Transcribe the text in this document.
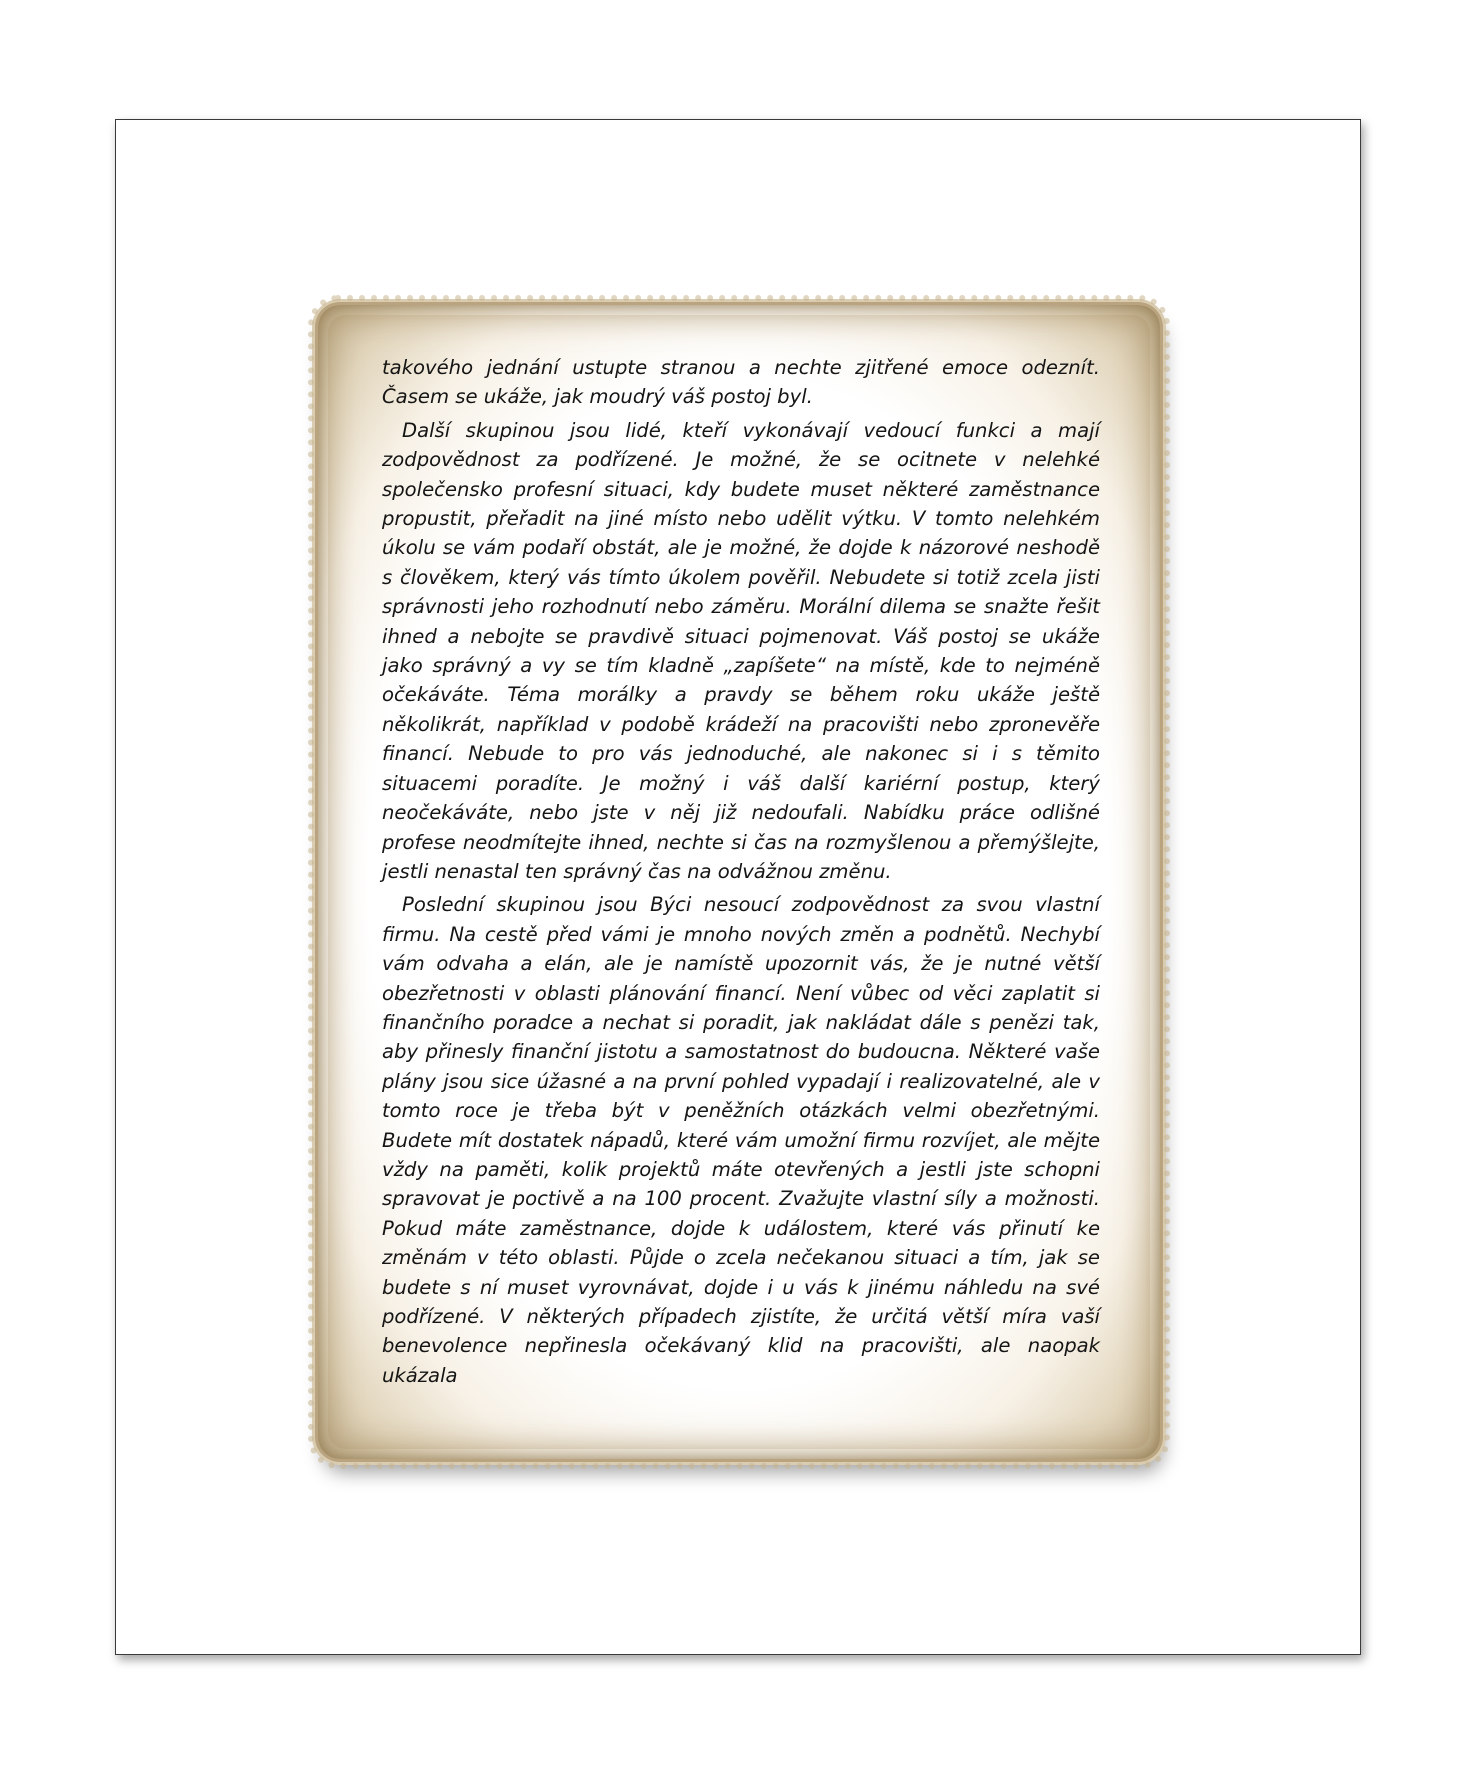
takového jednání ustupte stranou a nechte zjitřené emoce odeznít. Časem se ukáže, jak moudrý váš postoj byl.

Další skupinou jsou lidé, kteří vykonávají vedoucí funkci a mají zodpovědnost za podřízené. Je možné, že se ocitnete v nelehké společensko profesní situaci, kdy budete muset některé zaměstnance propustit, přeřadit na jiné místo nebo udělit výtku. V tomto nelehkém úkolu se vám podaří obstát, ale je možné, že dojde k názorové neshodě s člověkem, který vás tímto úkolem pověřil. Nebudete si totiž zcela jisti správnosti jeho rozhodnutí nebo záměru. Morální dilema se snažte řešit ihned a nebojte se pravdivě situaci pojmenovat. Váš postoj se ukáže jako správný a vy se tím kladně „zapíšete“ na místě, kde to nejméně očekáváte. Téma morálky a pravdy se během roku ukáže ještě několikrát, například v podobě krádeží na pracovišti nebo zpronevěře financí. Nebude to pro vás jednoduché, ale nakonec si i s těmito situacemi poradíte. Je možný i váš další kariérní postup, který neočekáváte, nebo jste v něj již nedoufali. Nabídku práce odlišné profese neodmítejte ihned, nechte si čas na rozmyšlenou a přemýšlejte, jestli nenastal ten správný čas na odvážnou změnu.

Poslední skupinou jsou Býci nesoucí zodpovědnost za svou vlastní firmu. Na cestě před vámi je mnoho nových změn a podnětů. Nechybí vám odvaha a elán, ale je namístě upozornit vás, že je nutné větší obezřetnosti v oblasti plánování financí. Není vůbec od věci zaplatit si finančního poradce a nechat si poradit, jak nakládat dále s penězi tak, aby přinesly finanční jistotu a samostatnost do budoucna. Některé vaše plány jsou sice úžasné a na první pohled vypadají i realizovatelné, ale v tomto roce je třeba být v peněžních otázkách velmi obezřetnými. Budete mít dostatek nápadů, které vám umožní firmu rozvíjet, ale mějte vždy na paměti, kolik projektů máte otevřených a jestli jste schopni spravovat je poctivě a na 100 procent. Zvažujte vlastní síly a možnosti. Pokud máte zaměstnance, dojde k událostem, které vás přinutí ke změnám v této oblasti. Půjde o zcela nečekanou situaci a tím, jak se budete s ní muset vyrovnávat, dojde i u vás k jinému náhledu na své podřízené. V některých případech zjistíte, že určitá větší míra vaší benevolence nepřinesla očekávaný klid na pracovišti, ale naopak ukázala
